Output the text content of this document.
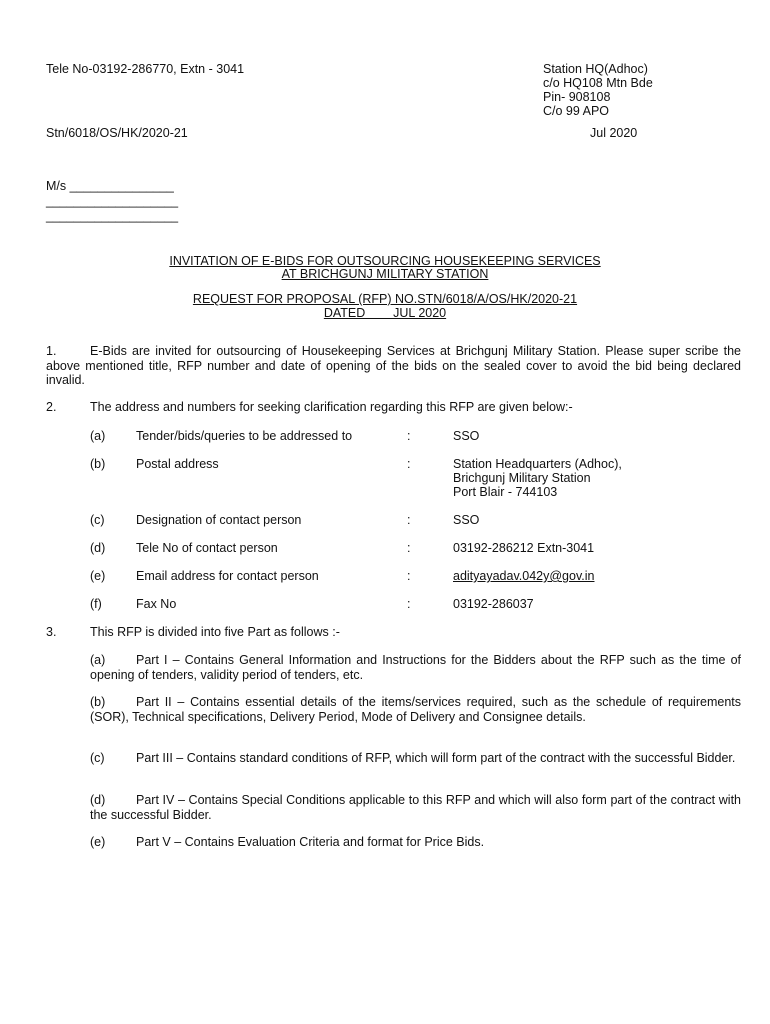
Tele No-03192-286770, Extn - 3041	Station HQ(Adhoc)
c/o HQ108 Mtn Bde
Pin- 908108
C/o 99 APO
Stn/6018/OS/HK/2020-21	Jul 2020
M/s _______________
___________________
___________________
INVITATION OF E-BIDS FOR OUTSOURCING HOUSEKEEPING SERVICES
AT BRICHGUNJ MILITARY STATION
REQUEST FOR PROPOSAL (RFP) NO.STN/6018/A/OS/HK/2020-21
DATED        JUL 2020
1.	E-Bids are invited for outsourcing of Housekeeping Services at Brichgunj Military Station. Please super scribe the above mentioned title, RFP number and date of opening of the bids on the sealed cover to avoid the bid being declared invalid.
2.	The address and numbers for seeking clarification regarding this RFP are given below:-
(a) Tender/bids/queries to be addressed to	:	SSO
(b) Postal address	:	Station Headquarters (Adhoc),
Brichgunj Military Station
Port Blair - 744103
(c)	Designation of contact person	:	SSO
(d) Tele No of contact person	:	03192-286212 Extn-3041
(e) Email address for contact person	:	adityayadav.042y@gov.in
(f)	Fax No	:	03192-286037
3.	This RFP is divided into five Part as follows :-
(a) Part I – Contains General Information and Instructions for the Bidders about the RFP such as the time of opening of tenders, validity period of tenders, etc.
(b) Part II – Contains essential details of the items/services required, such as the schedule of requirements (SOR), Technical specifications, Delivery Period, Mode of Delivery and Consignee details.
(c)	Part III – Contains standard conditions of RFP, which will form part of the contract with the successful Bidder.
(d) Part IV – Contains Special Conditions applicable to this RFP and which will also form part of the contract with the successful Bidder.
(e) Part V – Contains Evaluation Criteria and format for Price Bids.
